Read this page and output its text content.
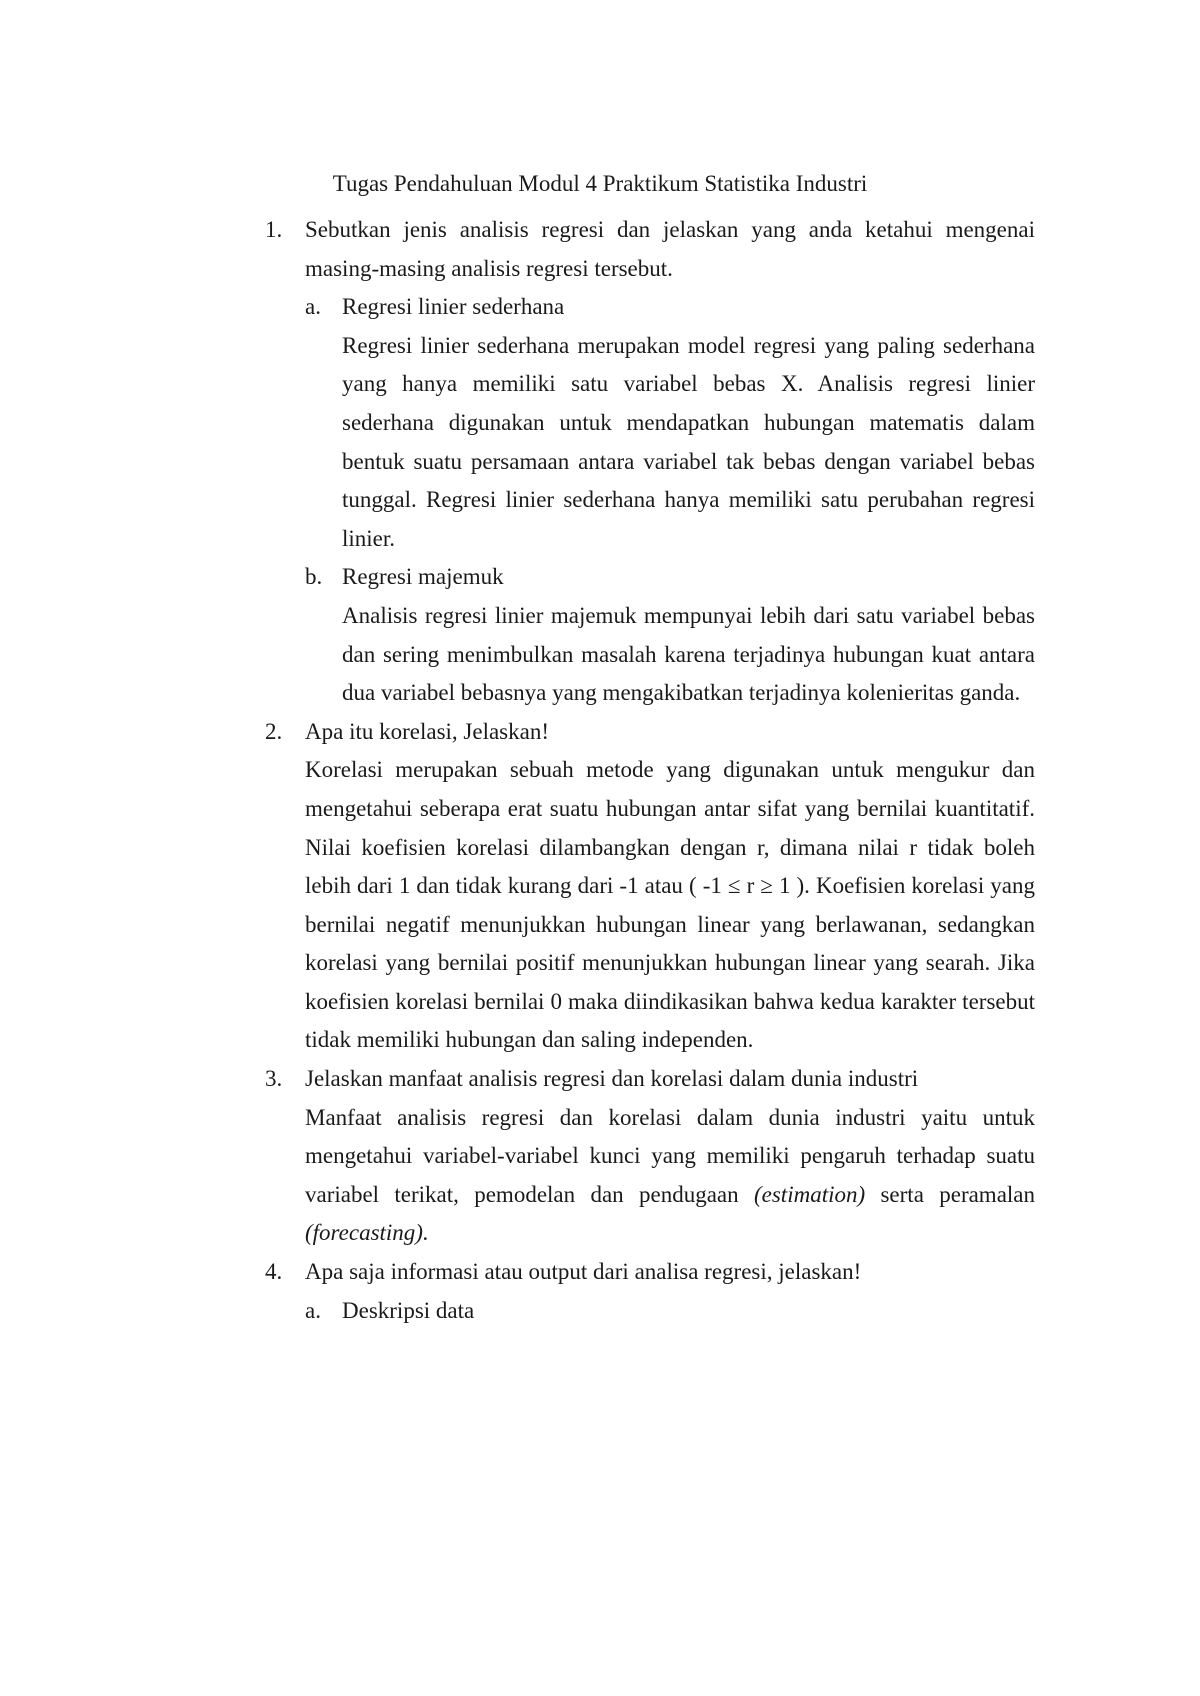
Tugas Pendahuluan Modul 4 Praktikum Statistika Industri
1. Sebutkan jenis analisis regresi dan jelaskan yang anda ketahui mengenai masing-masing analisis regresi tersebut.

a. Regresi linier sederhana

Regresi linier sederhana merupakan model regresi yang paling sederhana yang hanya memiliki satu variabel bebas X. Analisis regresi linier sederhana digunakan untuk mendapatkan hubungan matematis dalam bentuk suatu persamaan antara variabel tak bebas dengan variabel bebas tunggal. Regresi linier sederhana hanya memiliki satu perubahan regresi linier.

b. Regresi majemuk

Analisis regresi linier majemuk mempunyai lebih dari satu variabel bebas dan sering menimbulkan masalah karena terjadinya hubungan kuat antara dua variabel bebasnya yang mengakibatkan terjadinya kolenieritas ganda.

2. Apa itu korelasi, Jelaskan!

Korelasi merupakan sebuah metode yang digunakan untuk mengukur dan mengetahui seberapa erat suatu hubungan antar sifat yang bernilai kuantitatif. Nilai koefisien korelasi dilambangkan dengan r, dimana nilai r tidak boleh lebih dari 1 dan tidak kurang dari -1 atau ( -1 ≤ r ≥ 1 ). Koefisien korelasi yang bernilai negatif menunjukkan hubungan linear yang berlawanan, sedangkan korelasi yang bernilai positif menunjukkan hubungan linear yang searah. Jika koefisien korelasi bernilai 0 maka diindikasikan bahwa kedua karakter tersebut tidak memiliki hubungan dan saling independen.

3. Jelaskan manfaat analisis regresi dan korelasi dalam dunia industri

Manfaat analisis regresi dan korelasi dalam dunia industri yaitu untuk mengetahui variabel-variabel kunci yang memiliki pengaruh terhadap suatu variabel terikat, pemodelan dan pendugaan (estimation) serta peramalan (forecasting).

4. Apa saja informasi atau output dari analisa regresi, jelaskan!

a. Deskripsi data
